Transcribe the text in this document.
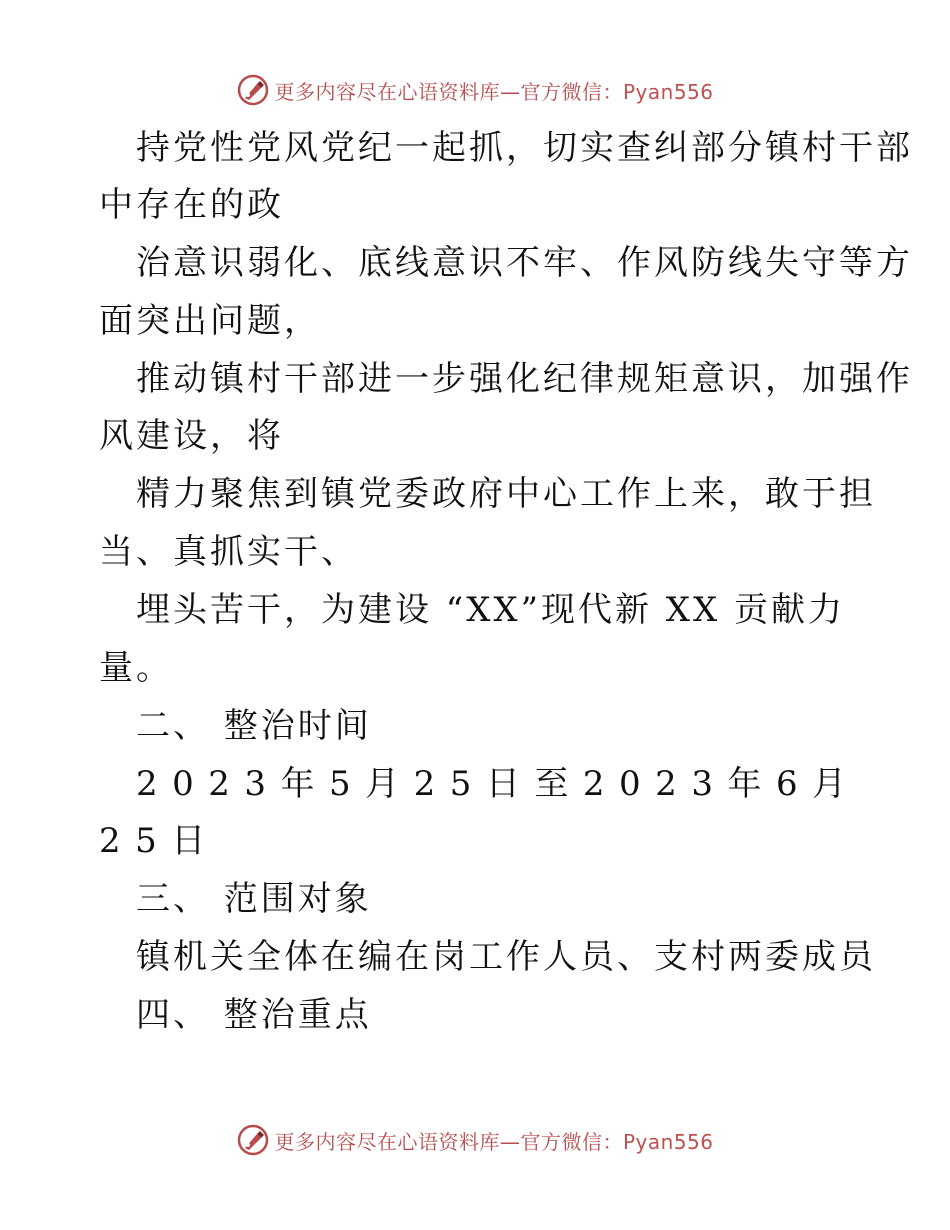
更多内容尽在心语资料库—官方微信：Pyan556
持党性党风党纪一起抓，切实查纠部分镇村干部
中存在的政
治意识弱化、底线意识不牢、作风防线失守等方
面突出问题，
推动镇村干部进一步强化纪律规矩意识，加强作
风建设，将
精力聚焦到镇党委政府中心工作上来，敢于担
当、真抓实干、
埋头苦干，为建设 “XX”现代新 XX 贡献力
量。
二、 整治时间
2023年5月25日至2023年6月
25日
三、 范围对象
镇机关全体在编在岗工作人员、支村两委成员
四、 整治重点
更多内容尽在心语资料库—官方微信：Pyan556
